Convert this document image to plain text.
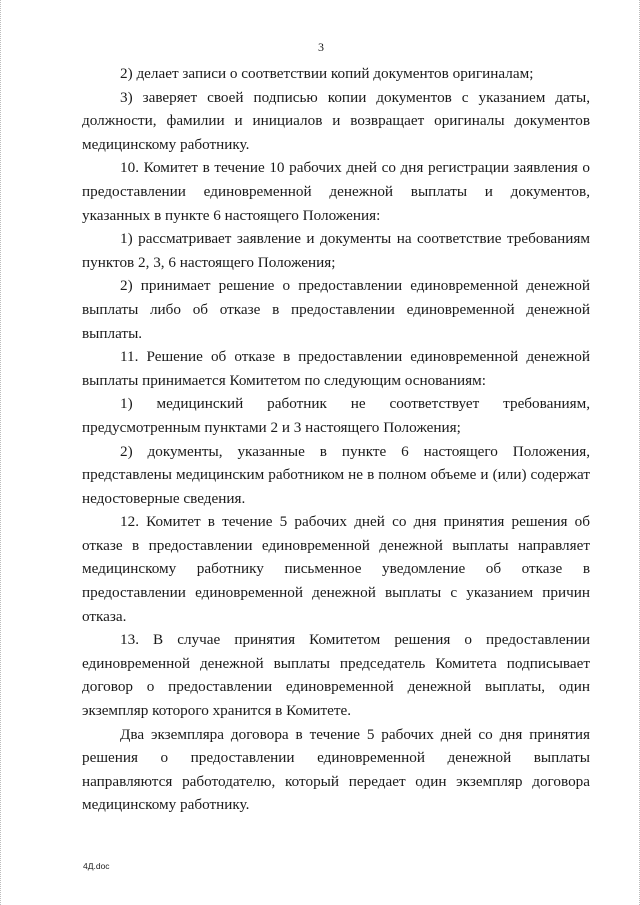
3

2) делает записи о соответствии копий документов оригиналам;

3) заверяет своей подписью копии документов с указанием даты, должности, фамилии и инициалов и возвращает оригиналы документов медицинскому работнику.

10. Комитет в течение 10 рабочих дней со дня регистрации заявления о предоставлении единовременной денежной выплаты и документов, указанных в пункте 6 настоящего Положения:

1) рассматривает заявление и документы на соответствие требованиям пунктов 2, 3, 6 настоящего Положения;

2) принимает решение о предоставлении единовременной денежной выплаты либо об отказе в предоставлении единовременной денежной выплаты.

11. Решение об отказе в предоставлении единовременной денежной выплаты принимается Комитетом по следующим основаниям:

1) медицинский работник не соответствует требованиям, предусмотренным пунктами 2 и 3 настоящего Положения;

2) документы, указанные в пункте 6 настоящего Положения, представлены медицинским работником не в полном объеме и (или) содержат недостоверные сведения.

12. Комитет в течение 5 рабочих дней со дня принятия решения об отказе в предоставлении единовременной денежной выплаты направляет медицинскому работнику письменное уведомление об отказе в предоставлении единовременной денежной выплаты с указанием причин отказа.

13. В случае принятия Комитетом решения о предоставлении единовременной денежной выплаты председатель Комитета подписывает договор о предоставлении единовременной денежной выплаты, один экземпляр которого хранится в Комитете.

Два экземпляра договора в течение 5 рабочих дней со дня принятия решения о предоставлении единовременной денежной выплаты направляются работодателю, который передает один экземпляр договора медицинскому работнику.

4Д.doc
